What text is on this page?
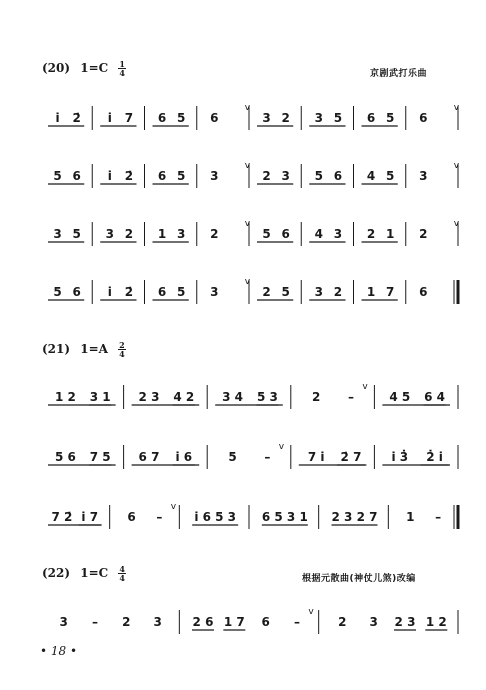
(20) $1=C \frac{1}{4}$	京剧武打乐曲
(21) $1=A \frac{2}{4}$
(22) $1=C \frac{4}{4}$	根据元散曲(神仗儿煞)改编
i 2̇ i 7 6 5 6
v
3 2 3 5 6 5 6
v
5 6 i 2̇ 6 5 3
v
2 3 5 6 4 5 3
v
3 5 3 2 1 3 2
v
5 6 4 3 2 1 2
v
5 6 i 2̇ 6 5 3
v
2 5 3 2 1 7 6
1 2 3 1 2 3 4 2 3 4 5 3	2 –
v
4 5 6 4
5 6 7 5 6 7 i 6	5 –
v
7 i 2̇ 7	i 3̇ 2̇ i
7 2̇ i 7 6 –
v
i 6 5 3 6 5 3 1 2 3 2 7 1 –
3 – 2 3	2 6 1 7 6 –
v
2 3 2 3 1 2
• 18 •
